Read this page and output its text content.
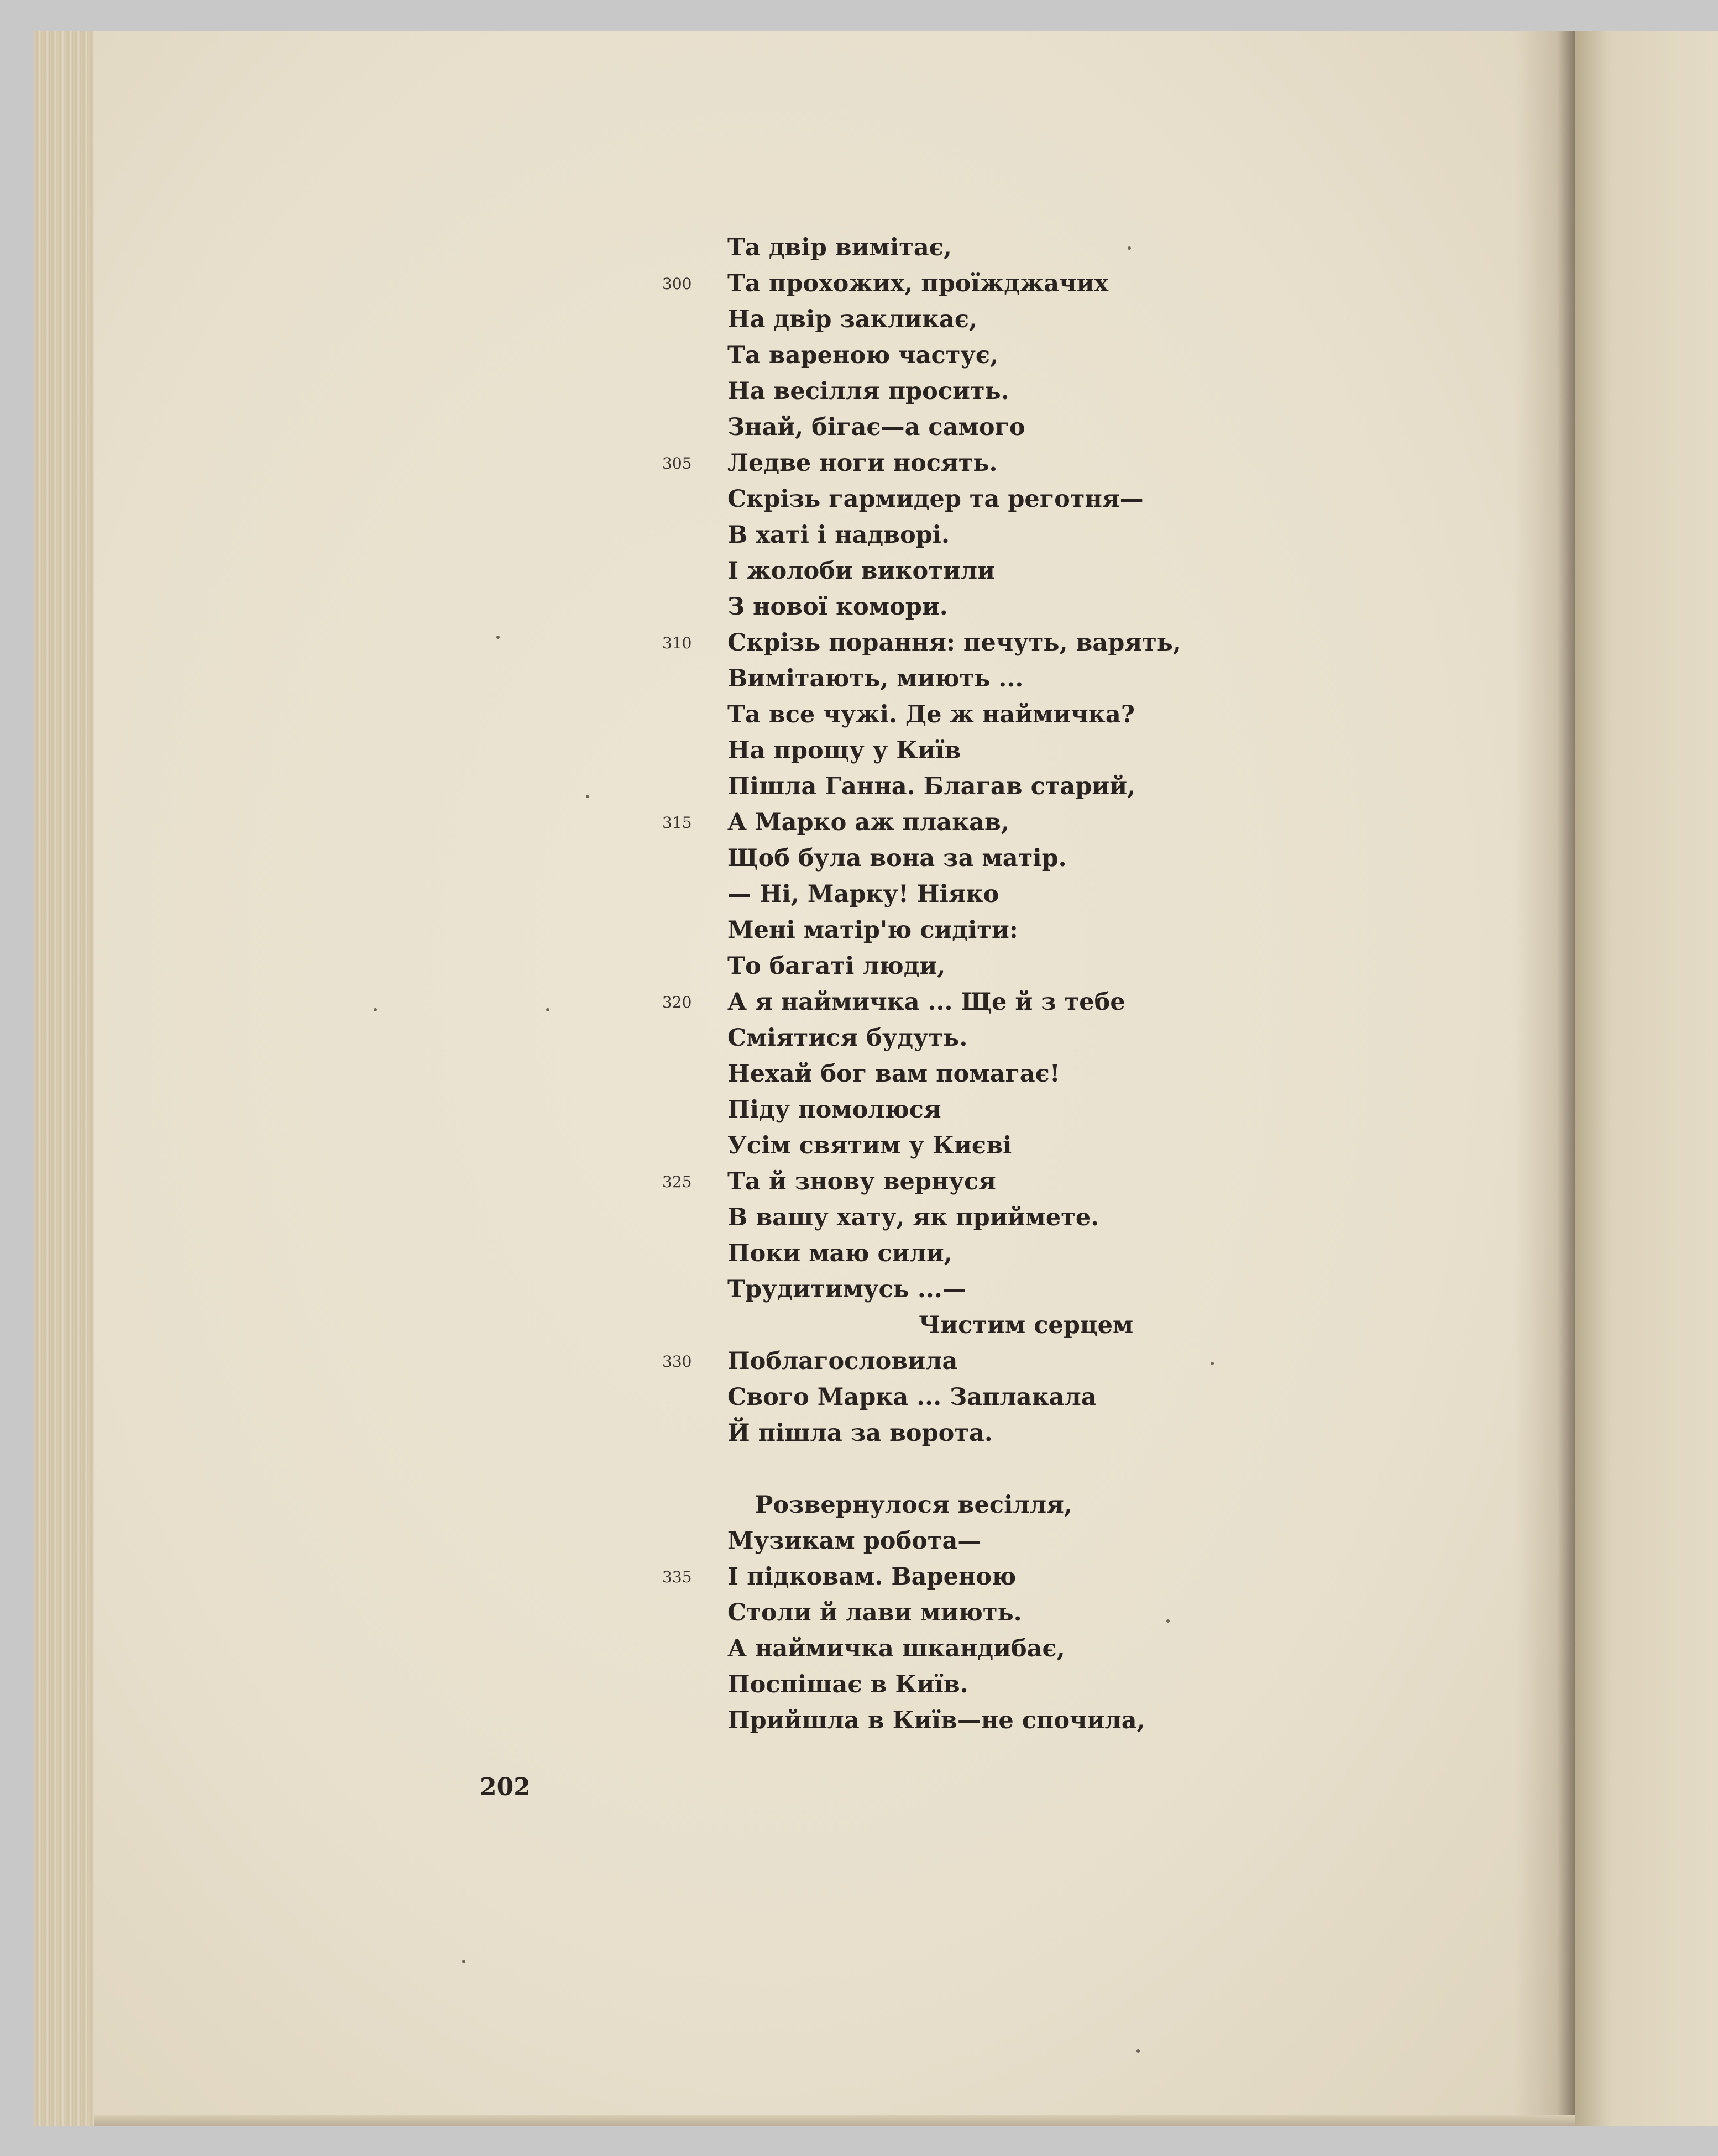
Та двір вимітає,
300 Та прохожих, проїжджачих
На двір закликає,
Та вареною частує,
На весілля просить.
Знай, бігає—а самого
305 Ледве ноги носять.
Скрізь гармидер та реготня—
В хаті і надворі.
І жолоби викотили
З нової комори.
310 Скрізь порання: печуть, варять,
Вимітають, миють ...
Та все чужі. Де ж наймичка?
На прощу у Київ
Пішла Ганна. Благав старий,
315 А Марко аж плакав,
Щоб була вона за матір.
— Ні, Марку! Ніяко
Мені матір'ю сидіти:
То багаті люди,
320 А я наймичка ... Ще й з тебе
Сміятися будуть.
Нехай бог вам помагає!
Піду помолюся
Усім святим у Києві
325 Та й знову вернуся
В вашу хату, як приймете.
Поки маю сили,
Трудитимусь ...—
Чистим серцем
330 Поблагословила
Свого Марка ... Заплакала
Й пішла за ворота.
Розвернулося весілля,
Музикам робота—
335 І підковам. Вареною
Столи й лави миють.
А наймичка шкандибає,
Поспішає в Київ.
Прийшла в Київ—не спочила,
202
